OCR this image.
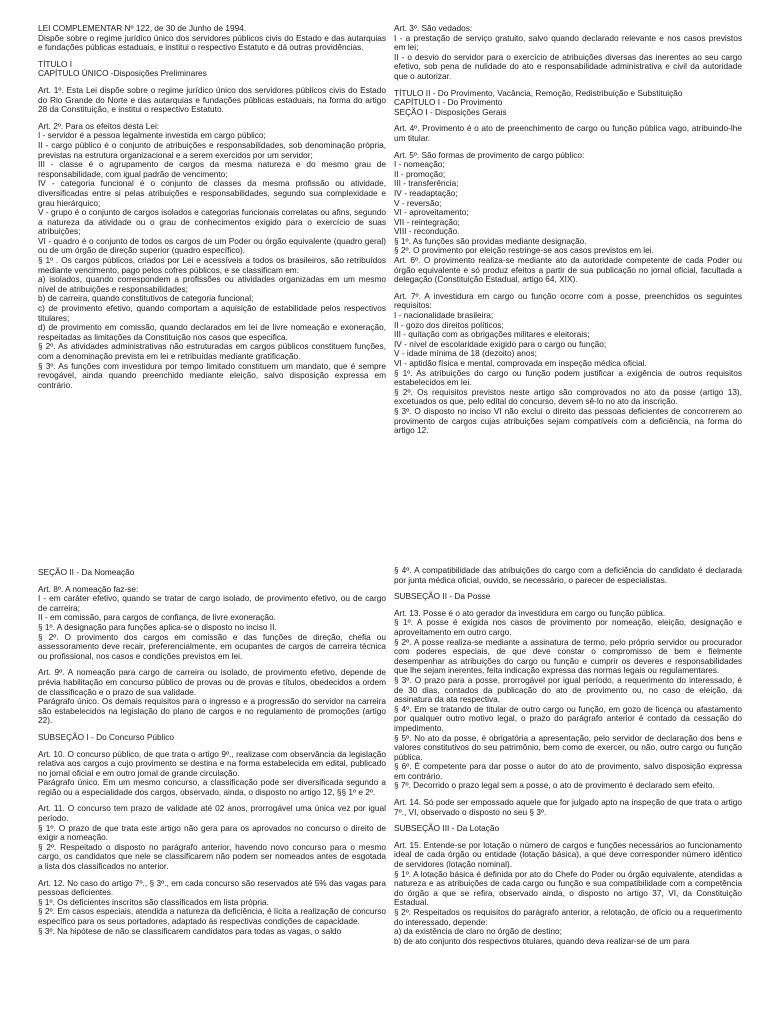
LEI COMPLEMENTAR Nº 122, de 30 de Junho de 1994.
Dispõe sobre o regime jurídico único dos servidores públicos civis do Estado e das autarquias e fundações públicas estaduais, e institui o respectivo Estatuto e dá outras providências.
TÍTULO I
CAPÍTULO ÚNICO -Disposições Preliminares
Art. 1º. Esta Lei dispõe sobre o regime jurídico único dos servidores públicos civis do Estado do Rio Grande do Norte e das autarquias e fundações públicas estaduais, na forma do artigo 28 da Constituição, e institui o respectivo Estatuto.
Art. 2º. Para os efeitos desta Lei:
I - servidor é a pessoa legalmente investida em cargo público;
II - cargo público é o conjunto de atribuições e responsabilidades, sob denominação própria, previstas na estrutura organizacional e a serem exercidos por um servidor;
III - classe é o agrupamento de cargos da mesma natureza e do mesmo grau de responsabilidade, com igual padrão de vencimento;
IV - categoria funcional é o conjunto de classes da mesma profissão ou atividade, diversificadas entre si pelas atribuições e responsabilidades, segundo sua complexidade e grau hierárquico;
V - grupo é o conjunto de cargos isolados e categorias funcionais correlatas ou afins, segundo a natureza da atividade ou o grau de conhecimentos exigido para o exercício de suas atribuições;
VI - quadro é o conjunto de todos os cargos de um Poder ou órgão equivalente (quadro geral) ou de um órgão de direção superior (quadro específico).
§ 1º . Os cargos públicos, criados por Lei e acessíveis a todos os brasileiros, são retribuídos mediante vencimento, pago pelos cofres públicos, e se classificam em:
a) isolados, quando correspondem a profissões ou atividades organizadas em um mesmo nível de atribuições e responsabilidades;
b) de carreira, quando constitutivos de categoria funcional;
c) de provimento efetivo, quando comportam a aquisição de estabilidade pelos respectivos titulares;
d) de provimento em comissão, quando declarados em lei de livre nomeação e exoneração, respeitadas as limitações da Constituição nos casos que especifica.
§ 2º. As atividades administrativas não estruturadas em cargos públicos constituem funções, com a denominação prevista em lei e retribuídas mediante gratificação.
§ 3º. As funções com investidura por tempo limitado constituem um mandato, que é sempre revogável, ainda quando preenchido mediante eleição, salvo disposição expressa em contrário.
Art. 3º. São vedados:
I - a prestação de serviço gratuito, salvo quando declarado relevante e nos casos previstos em lei;
II - o desvio do servidor para o exercício de atribuições diversas das inerentes ao seu cargo efetivo, sob pena de nulidade do ato e responsabilidade administrativa e civil da autoridade que o autorizar.
TÍTULO II - Do Provimento, Vacância, Remoção, Redistribuição e Substituição
CAPÍTULO I - Do Provimento
SEÇÃO I - Disposições Gerais
Art. 4º. Provimento é o ato de preenchimento de cargo ou função pública vago, atribuindo-lhe um titular.
Art. 5º. São formas de provimento de cargo público:
I - nomeação;
II - promoção;
III - transferência;
IV - readaptação;
V - reversão;
VI - aproveitamento;
VII - reintegração;
VIII - recondução.
§ 1º. As funções são providas mediante designação.
§ 2º. O provimento por eleição restringe-se aos casos previstos em lei.
Art. 6º. O provimento realiza-se mediante ato da autoridade competente de cada Poder ou órgão equivalente e só produz efeitos a partir de sua publicação no jornal oficial, facultada a delegação (Constituição Estadual, artigo 64, XIX).
Art. 7º. A investidura em cargo ou função ocorre com a posse, preenchidos os seguintes requisitos:
I - nacionalidade brasileira;
II - gozo dos direitos políticos;
III - quitação com as obrigações militares e eleitorais;
IV - nível de escolaridade exigido para o cargo ou função;
V - idade mínima de 18 (dezoito) anos;
VI - aptidão física e mental, comprovada em inspeção médica oficial.
§ 1º. As atribuições do cargo ou função podem justificar a exigência de outros requisitos estabelecidos em lei.
§ 2º. Os requisitos previstos neste artigo são comprovados no ato da posse (artigo 13), excetuados os que, pelo edital do concurso, devem sê-lo no ato da inscrição.
§ 3º. O disposto no inciso VI não exclui o direito das pessoas deficientes de concorrerem ao provimento de cargos cujas atribuições sejam compatíveis com a deficiência, na forma do artigo 12.
SEÇÃO II - Da Nomeação
Art. 8º. A nomeação faz-se:
I - em caráter efetivo, quando se tratar de cargo isolado, de provimento efetivo, ou de cargo de carreira;
II - em comissão, para cargos de confiança, de livre exoneração.
§ 1º. A designação para funções aplica-se o disposto no inciso II.
§ 2º. O provimento dos cargos em comissão e das funções de direção, chefia ou assessoramento deve recair, preferencialmente, em ocupantes de cargos de carreira técnica ou profissional, nos casos e condições previstos em lei.
Art. 9º. A nomeação para cargo de carreira ou isolado, de provimento efetivo, depende de prévia habilitação em concurso público de provas ou de provas e títulos, obedecidos a ordem de classificação e o prazo de sua validade.
Parágrafo único. Os demais requisitos para o ingresso e a progressão do servidor na carreira são estabelecidos na legislação do plano de cargos e no regulamento de promoções (artigo 22).
SUBSEÇÃO I - Do Concurso Público
Art. 10. O concurso público, de que trata o artigo 9º., realizase com observância da legislação relativa aos cargos a cujo provimento se destina e na forma estabelecida em edital, publicado no jornal oficial e em outro jornal de grande circulação.
Parágrafo único. Em um mesmo concurso, a classificação pode ser diversificada segundo a região ou a especialidade dos cargos, observado, ainda, o disposto no artigo 12, §§ 1º e 2º.
Art. 11. O concurso tem prazo de validade até 02 anos, prorrogável uma única vez por igual período.
§ 1º. O prazo de que trata este artigo não gera para os aprovados no concurso o direito de exigir a nomeação.
§ 2º. Respeitado o disposto no parágrafo anterior, havendo novo concurso para o mesmo cargo, os candidatos que nele se classificarem não podem ser nomeados antes de esgotada a lista dos classificados no anterior.
Art. 12. No caso do artigo 7º., § 3º., em cada concurso são reservados até 5% das vagas para pessoas deficientes.
§ 1º. Os deficientes inscritos são classificados em lista própria.
§ 2º. Em casos especiais, atendida a natureza da deficiência, é lícita a realização de concurso específico para os seus portadores, adaptado às respectivas condições de capacidade.
§ 3º. Na hipótese de não se classificarem candidatos para todas as vagas, o saldo
§ 4º. A compatibilidade das atribuições do cargo com a deficiência do candidato é declarada por junta médica oficial, ouvido, se necessário, o parecer de especialistas.
SUBSEÇÃO II - Da Posse
Art. 13. Posse é o ato gerador da investidura em cargo ou função pública.
§ 1º. A posse é exigida nos casos de provimento por nomeação, eleição, designação e aproveitamento em outro cargo.
§ 2º. A posse realiza-se mediante a assinatura de termo, pelo próprio servidor ou procurador com poderes especiais, de que deve constar o compromisso de bem e fielmente desempenhar as atribuições do cargo ou função e cumprir os deveres e responsabilidades que lhe sejam inerentes, feita indicação expressa das normas legais ou regulamentares.
§ 3º. O prazo para a posse, prorrogável por igual período, a requerimento do interessado, é de 30 dias, contados da publicação do ato de provimento ou, no caso de eleição, da assinatura da ata respectiva.
§ 4º. Em se tratando de titular de outro cargo ou função, em gozo de licença ou afastamento por qualquer outro motivo legal, o prazo do parágrafo anterior é contado da cessação do impedimento.
§ 5º. No ato da posse, é obrigatória a apresentação, pelo servidor de declaração dos bens e valores constitutivos do seu patrimônio, bem como de exercer, ou não, outro cargo ou função pública.
§ 6º. É competente para dar posse o autor do ato de provimento, salvo disposição expressa em contrário.
§ 7º. Decorrido o prazo legal sem a posse, o ato de provimento é declarado sem efeito.
Art. 14. Só pode ser empossado aquele que for julgado apto na inspeção de que trata o artigo 7º., VI, observado o disposto no seu § 3º.
SUBSEÇÃO III - Da Lotação
Art. 15. Entende-se por lotação o número de cargos e funções necessários ao funcionamento ideal de cada órgão ou entidade (lotação básica), a que deve corresponder número idêntico de servidores (lotação nominal).
§ 1º. A lotação básica é definida por ato do Chefe do Poder ou órgão equivalente, atendidas a natureza e as atribuições de cada cargo ou função e sua compatibilidade com a competência do órgão a que se refira, observado ainda, o disposto no artigo 37, VI, da Constituição Estadual.
§ 2º. Respeitados os requisitos do parágrafo anterior, a relotação, de ofício ou a requerimento do interessado, depende:
a) da existência de claro no órgão de destino;
b) de ato conjunto dos respectivos titulares, quando deva realizar-se de um para
